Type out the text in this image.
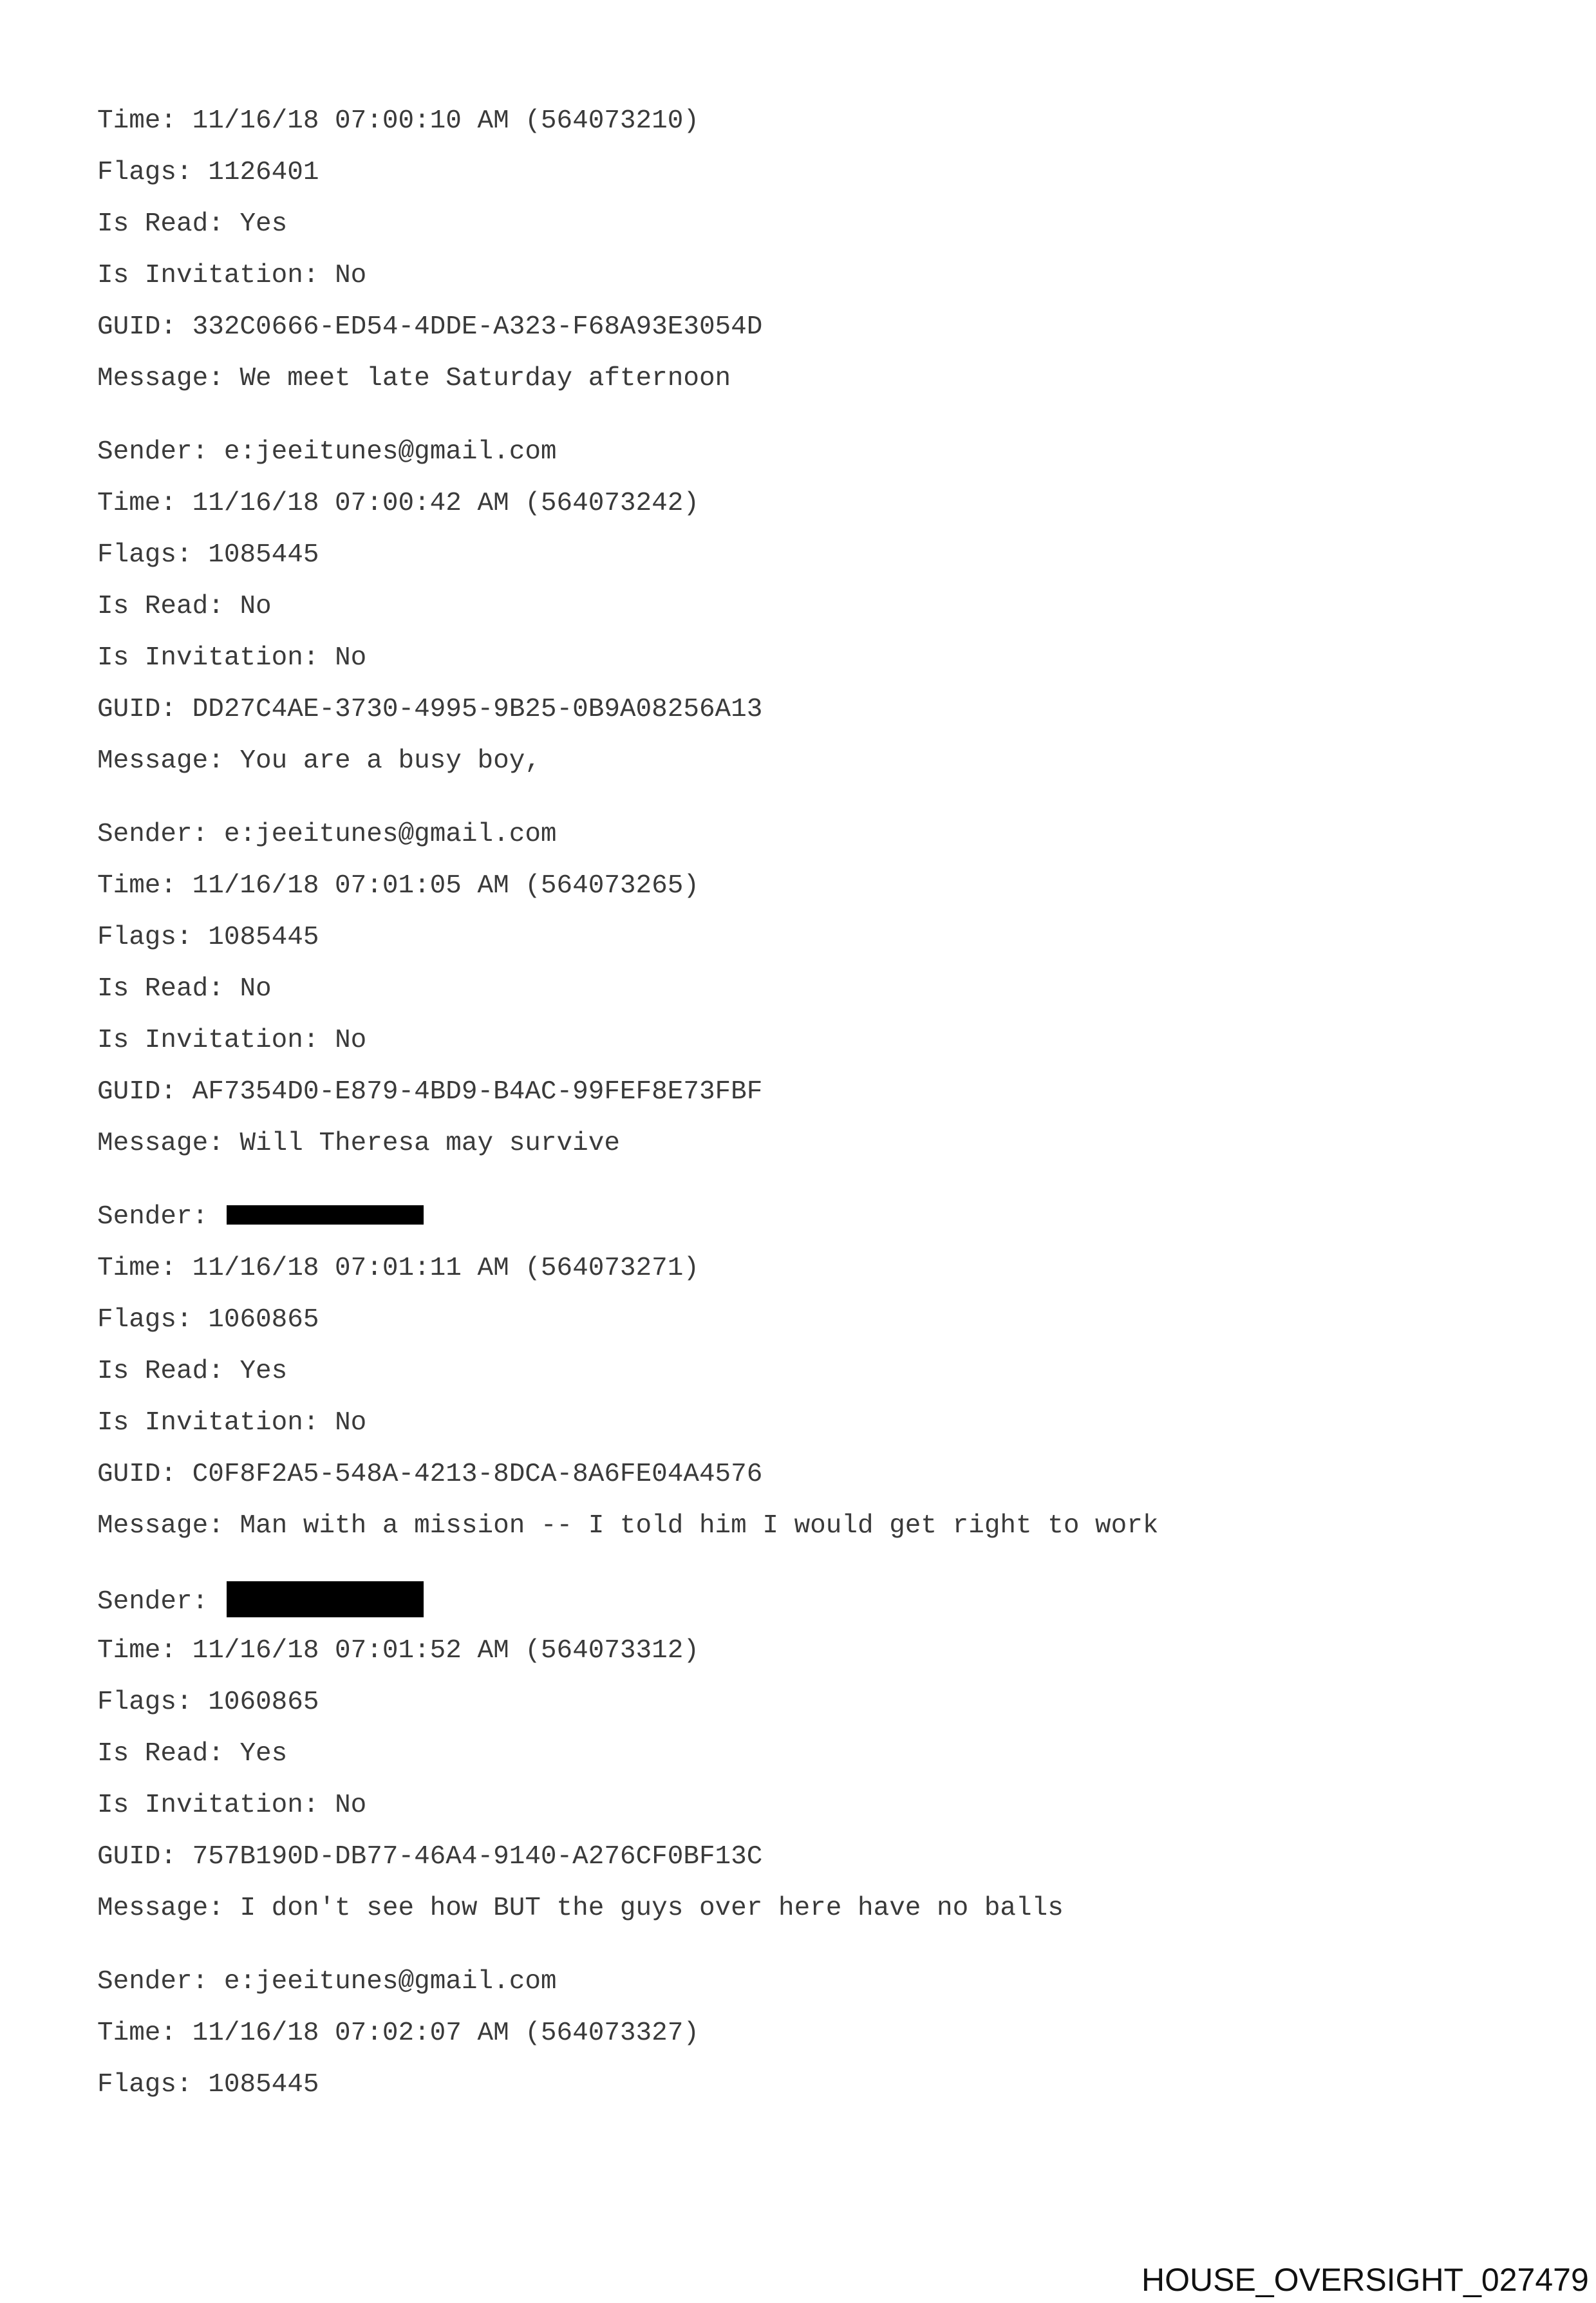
Time: 11/16/18 07:00:10 AM (564073210)
Flags: 1126401
Is Read: Yes
Is Invitation: No
GUID: 332C0666-ED54-4DDE-A323-F68A93E3054D
Message: We meet late Saturday afternoon
Sender: e:jeeitunes@gmail.com
Time: 11/16/18 07:00:42 AM (564073242)
Flags: 1085445
Is Read: No
Is Invitation: No
GUID: DD27C4AE-3730-4995-9B25-0B9A08256A13
Message: You are a busy boy,
Sender: e:jeeitunes@gmail.com
Time: 11/16/18 07:01:05 AM (564073265)
Flags: 1085445
Is Read: No
Is Invitation: No
GUID: AF7354D0-E879-4BD9-B4AC-99FEF8E73FBF
Message: Will Theresa may survive
Sender:
Time: 11/16/18 07:01:11 AM (564073271)
Flags: 1060865
Is Read: Yes
Is Invitation: No
GUID: C0F8F2A5-548A-4213-8DCA-8A6FE04A4576
Message: Man with a mission -- I told him I would get right to work
Sender:
Time: 11/16/18 07:01:52 AM (564073312)
Flags: 1060865
Is Read: Yes
Is Invitation: No
GUID: 757B190D-DB77-46A4-9140-A276CF0BF13C
Message: I don't see how BUT the guys over here have no balls
Sender: e:jeeitunes@gmail.com
Time: 11/16/18 07:02:07 AM (564073327)
Flags: 1085445
HOUSE_OVERSIGHT_027479
